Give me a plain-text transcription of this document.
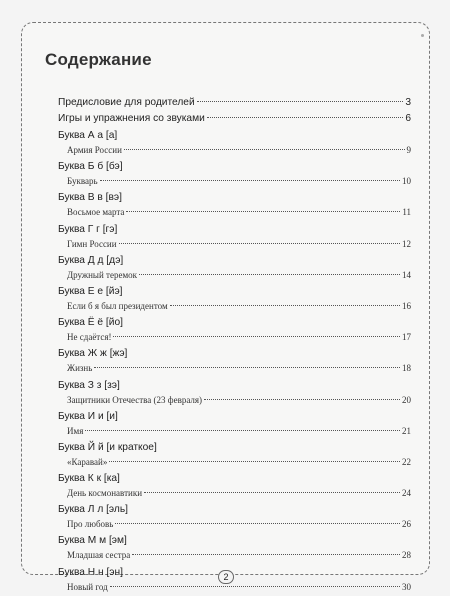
Содержание
Предисловие для родителей	3
Игры и упражнения со звуками	6
Буква А а [а]
Армия России	9
Буква Б б [бэ]
Букварь	10
Буква В в [вэ]
Восьмое марта	11
Буква Г г [гэ]
Гимн России	12
Буква Д д [дэ]
Дружный теремок	14
Буква Е е [йэ]
Если б я был президентом	16
Буква Ё ё [йо]
Не сдаётся!	17
Буква Ж ж [жэ]
Жизнь	18
Буква З з [зэ]
Защитники Отечества (23 февраля)	20
Буква И и [и]
Имя	21
Буква Й й [и краткое]
«Каравай»	22
Буква К к [ка]
День космонавтики	24
Буква Л л [эль]
Про любовь	26
Буква М м [эм]
Младшая сестра	28
Буква Н н [эн]
Новый год	30
2
